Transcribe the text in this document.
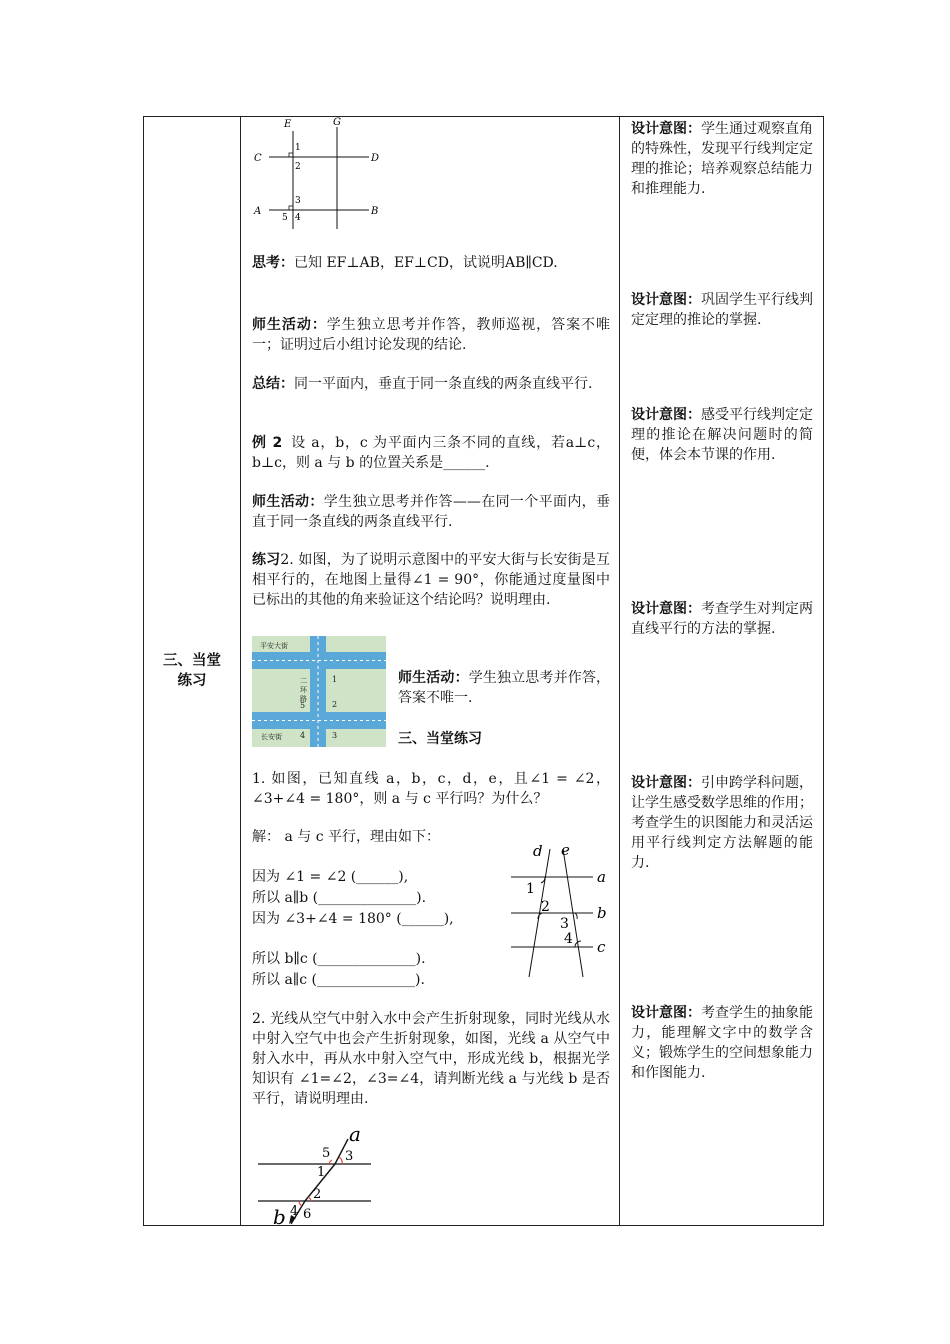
三、当堂练习
E	G
C	D
A	B
1
2
3
4
5
思考：已知 EF⊥AB，EF⊥CD，试说明AB∥CD.
师生活动：学生独立思考并作答，教师巡视，答案不唯一；证明过后小组讨论发现的结论.
总结：同一平面内，垂直于同一条直线的两条直线平行.
例 2 设 a，b，c 为平面内三条不同的直线，若a⊥c，b⊥c，则 a 与 b 的位置关系是______.
师生活动：学生独立思考并作答——在同一个平面内，垂直于同一条直线的两条直线平行.
练习2. 如图，为了说明示意图中的平安大街与长安街是互相平行的，在地图上量得∠1 = 90°，你能通过度量图中已标出的其他的角来验证这个结论吗？说明理由.
平安大街
二
环
路
长安街
1
2
3
4
5
师生活动：学生独立思考并作答，答案不唯一.
三、当堂练习
1. 如图，已知直线 a，b，c，d，e，且∠1 = ∠2，∠3+∠4 = 180°，则 a 与 c 平行吗？为什么？
解： a 与 c 平行，理由如下：
因为 ∠1 = ∠2 (______),
所以 a∥b (______________).
因为 ∠3+∠4 = 180° (______),
所以 b∥c (______________).
所以 a∥c (______________).
d e
a
b
c
1
2
3
4
2. 光线从空气中射入水中会产生折射现象，同时光线从水中射入空气中也会产生折射现象，如图，光线 a 从空气中射入水中，再从水中射入空气中，形成光线 b，根据光学知识有 ∠1=∠2，∠3=∠4，请判断光线 a 与光线 b 是否平行，请说明理由.
a
b
5 3
1
2
4 6
设计意图：学生通过观察直角的特殊性，发现平行线判定定理的推论；培养观察总结能力和推理能力.
设计意图：巩固学生平行线判定定理的推论的掌握.
设计意图：感受平行线判定定理的推论在解决问题时的简便，体会本节课的作用.
设计意图：考查学生对判定两直线平行的方法的掌握.
设计意图：引申跨学科问题，让学生感受数学思维的作用；考查学生的识图能力和灵活运用平行线判定方法解题的能力.
设计意图：考查学生的抽象能力，能理解文字中的数学含义；锻炼学生的空间想象能力和作图能力.
